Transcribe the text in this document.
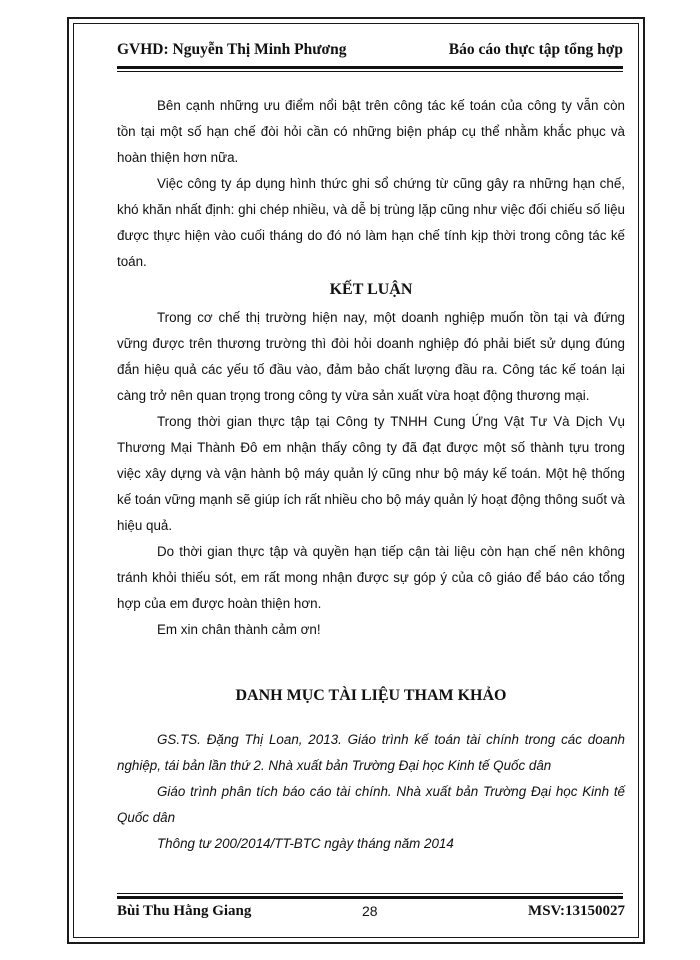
GVHD: Nguyễn Thị Minh Phương	Báo cáo thực tập tổng hợp

Bên cạnh những ưu điểm nổi bật trên công tác kế toán của công ty vẫn còn tồn tại một số hạn chế đòi hỏi cần có những biện pháp cụ thể nhằm khắc phục và hoàn thiện hơn nữa.

Việc công ty áp dụng hình thức ghi sổ chứng từ cũng gây ra những hạn chế, khó khăn nhất định: ghi chép nhiều, và dễ bị trùng lặp cũng như việc đối chiếu số liệu được thực hiện vào cuối tháng do đó nó làm hạn chế tính kịp thời trong công tác kế toán.

KẾT LUẬN

Trong cơ chế thị trường hiện nay, một doanh nghiệp muốn tồn tại và đứng vững được trên thương trường thì đòi hỏi doanh nghiệp đó phải biết sử dụng đúng đắn hiệu quả các yếu tố đầu vào, đảm bảo chất lượng đầu ra. Công tác kế toán lại càng trở nên quan trọng trong công ty vừa sản xuất vừa hoạt động thương mại.

Trong thời gian thực tập tại Công ty TNHH Cung Ứng Vật Tư Và Dịch Vụ Thương Mại Thành Đô em nhận thấy công ty đã đạt được một số thành tựu trong việc xây dựng và vận hành bộ máy quản lý cũng như bộ máy kế toán. Một hệ thống kế toán vững mạnh sẽ giúp ích rất nhiều cho bộ máy quản lý hoạt động thông suốt và hiệu quả.

Do thời gian thực tập và quyền hạn tiếp cận tài liệu còn hạn chế nên không tránh khỏi thiếu sót, em rất mong nhận được sự góp ý của cô giáo để báo cáo tổng hợp của em được hoàn thiện hơn.

Em xin chân thành cảm ơn!

DANH MỤC TÀI LIỆU THAM KHẢO

GS.TS. Đặng Thị Loan, 2013. Giáo trình kế toán tài chính trong các doanh nghiệp, tái bản lần thứ 2. Nhà xuất bản Trường Đại học Kinh tế Quốc dân

Giáo trình phân tích báo cáo tài chính. Nhà xuất bản Trường Đại học Kinh tế Quốc dân

Thông tư 200/2014/TT-BTC ngày tháng năm 2014

Bùi Thu Hằng Giang	28	MSV:13150027
